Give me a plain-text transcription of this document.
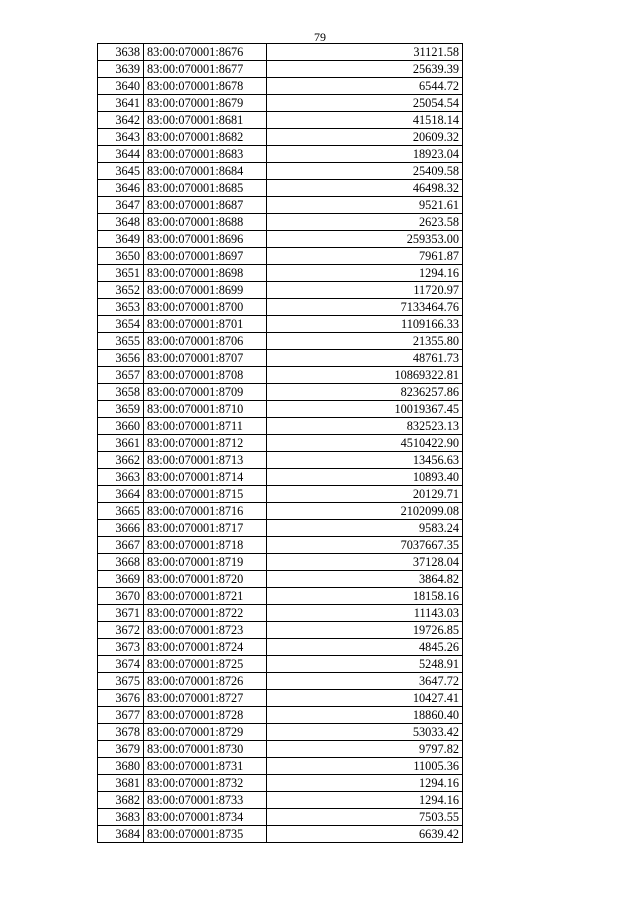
79
3638	83:00:070001:8676	31121.58
3639	83:00:070001:8677	25639.39
3640	83:00:070001:8678	6544.72
3641	83:00:070001:8679	25054.54
3642	83:00:070001:8681	41518.14
3643	83:00:070001:8682	20609.32
3644	83:00:070001:8683	18923.04
3645	83:00:070001:8684	25409.58
3646	83:00:070001:8685	46498.32
3647	83:00:070001:8687	9521.61
3648	83:00:070001:8688	2623.58
3649	83:00:070001:8696	259353.00
3650	83:00:070001:8697	7961.87
3651	83:00:070001:8698	1294.16
3652	83:00:070001:8699	11720.97
3653	83:00:070001:8700	7133464.76
3654	83:00:070001:8701	1109166.33
3655	83:00:070001:8706	21355.80
3656	83:00:070001:8707	48761.73
3657	83:00:070001:8708	10869322.81
3658	83:00:070001:8709	8236257.86
3659	83:00:070001:8710	10019367.45
3660	83:00:070001:8711	832523.13
3661	83:00:070001:8712	4510422.90
3662	83:00:070001:8713	13456.63
3663	83:00:070001:8714	10893.40
3664	83:00:070001:8715	20129.71
3665	83:00:070001:8716	2102099.08
3666	83:00:070001:8717	9583.24
3667	83:00:070001:8718	7037667.35
3668	83:00:070001:8719	37128.04
3669	83:00:070001:8720	3864.82
3670	83:00:070001:8721	18158.16
3671	83:00:070001:8722	11143.03
3672	83:00:070001:8723	19726.85
3673	83:00:070001:8724	4845.26
3674	83:00:070001:8725	5248.91
3675	83:00:070001:8726	3647.72
3676	83:00:070001:8727	10427.41
3677	83:00:070001:8728	18860.40
3678	83:00:070001:8729	53033.42
3679	83:00:070001:8730	9797.82
3680	83:00:070001:8731	11005.36
3681	83:00:070001:8732	1294.16
3682	83:00:070001:8733	1294.16
3683	83:00:070001:8734	7503.55
3684	83:00:070001:8735	6639.42
